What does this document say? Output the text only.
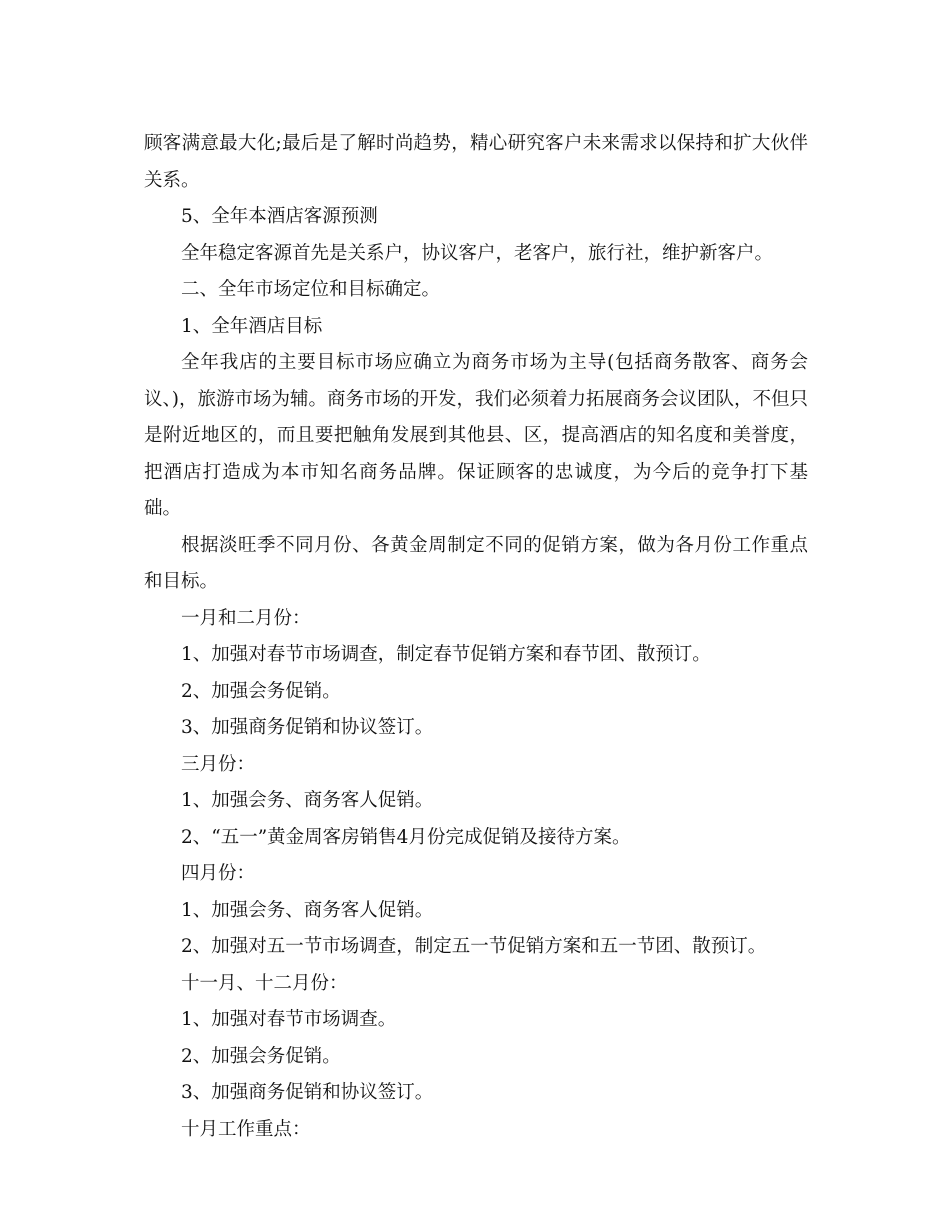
顾客满意最大化;最后是了解时尚趋势，精心研究客户未来需求以保持和扩大伙伴关系。

5、全年本酒店客源预测

全年稳定客源首先是关系户，协议客户，老客户，旅行社，维护新客户。

二、全年市场定位和目标确定。

1、全年酒店目标

全年我店的主要目标市场应确立为商务市场为主导(包括商务散客、商务会议、)，旅游市场为辅。商务市场的开发，我们必须着力拓展商务会议团队，不但只是附近地区的，而且要把触角发展到其他县、区，提高酒店的知名度和美誉度，把酒店打造成为本市知名商务品牌。保证顾客的忠诚度，为今后的竞争打下基础。

根据淡旺季不同月份、各黄金周制定不同的促销方案，做为各月份工作重点和目标。

一月和二月份：

1、加强对春节市场调查，制定春节促销方案和春节团、散预订。

2、加强会务促销。

3、加强商务促销和协议签订。

三月份：

1、加强会务、商务客人促销。

2、“五一”黄金周客房销售4月份完成促销及接待方案。

四月份：

1、加强会务、商务客人促销。

2、加强对五一节市场调查，制定五一节促销方案和五一节团、散预订。

十一月、十二月份：

1、加强对春节市场调查。

2、加强会务促销。

3、加强商务促销和协议签订。

十月工作重点：
